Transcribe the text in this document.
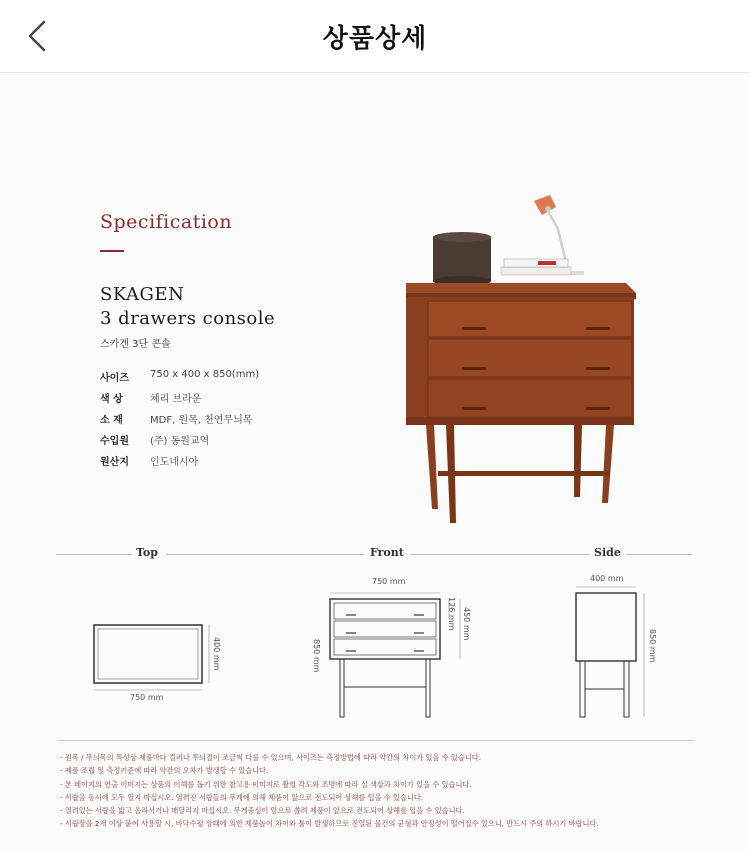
상품상세
Specification
SKAGEN
3 drawers console
스카겐 3단 콘솔
사이즈	750 x 400 x 850(mm)
색 상	체리 브라운
소 재	MDF, 원목, 천연무늬목
수입원	(주) 동원교역
원산지	인도네시아
Top	Front	Side
400 mm
750 mm
750 mm
126 mm 450 mm
850 mm
400 mm
850 mm
- 원목 / 무늬목의 특성상 제품마다 컬러나 무늬결이 조금씩 다를 수 있으며, 사이즈는 측정방법에 따라 약간의 차이가 있을 수 있습니다.
- 제품 조립 및 측정기준에 따라 약간의 오차가 발생할 수 있습니다.
- 본 페이지의 연출 이미지는 상품의 이해를 돕기 위한 참고용 이미지로 촬영 각도와 조명에 따라 실 색상과 차이가 있을 수 있습니다.
- 서랍을 동시에 모두 열지 마십시오. 열려진 서랍들의 무게에 의해 제품이 앞으로 전도되어 상해를 입을 수 있습니다.
- 열려있는 서랍을 밟고 올라서거나 매달리지 마십시오. 무게중심이 앞으로 쏠려 제품이 앞으로 전도되어 상해를 입을 수 있습니다.
- 서랍장을 2개 이상 붙여 사용할 시, 바닥수평 상태에 의한 제품높이 차이와 틈이 발생하므로 진열된 물건의 균형과 안정성이 떨어질수 있으니, 반드시 주의 하시기 바랍니다.
